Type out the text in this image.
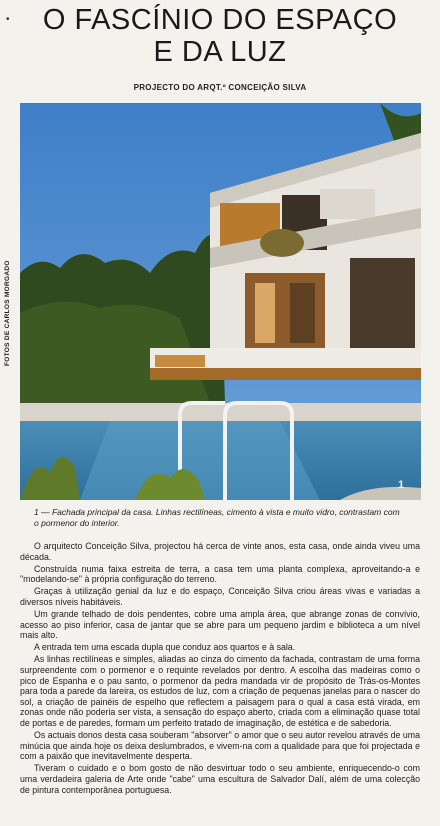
•	O FASCÍNIO DO ESPAÇO
E DA LUZ
PROJECTO DO ARQT.º CONCEIÇÃO SILVA
FOTOS DE CARLOS MORGADO
1
1 — Fachada principal da casa. Linhas rectilíneas, cimento à vista e muito vidro, contrastam com o pormenor do interior.

O arquitecto Conceição Silva, projectou há cerca de vinte anos, esta casa, onde ainda viveu uma década.

Construída numa faixa estreita de terra, a casa tem uma planta complexa, aproveitando-a e "modelando-se" à própria configuração do terreno.

Graças à utilização genial da luz e do espaço, Conceição Silva criou áreas vivas e variadas a diversos níveis habitáveis.

Um grande telhado de dois pendentes, cobre uma ampla área, que abrange zonas de convívio, acesso ao piso inferior, casa de jantar que se abre para um pequeno jardim e biblioteca a um nível mais alto.

A entrada tem uma escada dupla que conduz aos quartos e à sala.

As linhas rectilíneas e simples, aliadas ao cinza do cimento da fachada, contrastam de uma forma surpreendente com o pormenor e o requinte revelados por dentro. A escolha das madeiras como o pico de Espanha e o pau santo, o pormenor da pedra mandada vir de propósito de Trás-os-Montes para toda a parede da lareira, os estudos de luz, com a criação de pequenas janelas para o nascer do sol, a criação de painéis de espelho que reflectem a paisagem para o qual a casa está virada, em zonas onde não poderia ser vista, a sensação do espaço aberto, criada com a eliminação quase total de portas e de paredes, formam um perfeito tratado de imaginação, de estética e de sabedoria.

Os actuais donos desta casa souberam "absorver" o amor que o seu autor revelou através de uma minúcia que ainda hoje os deixa deslumbrados, e vivem-na com a qualidade para que foi projectada e com a paixão que inevitavelmente desperta.

Tiveram o cuidado e o bom gosto de não desvirtuar todo o seu ambiente, enriquecendo-o com uma verdadeira galeria de Arte onde "cabe" uma escultura de Salvador Dalí, além de uma colecção de pintura contemporânea portuguesa.
